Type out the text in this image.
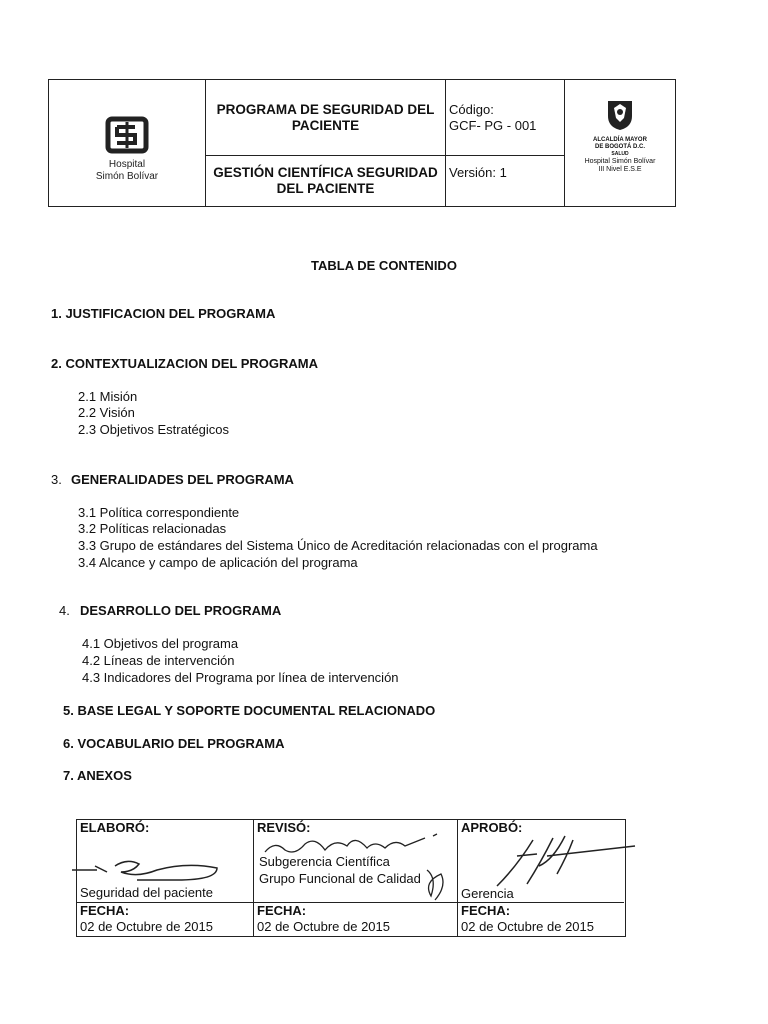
Hospital
Simón Bolívar
PROGRAMA DE SEGURIDAD DEL PACIENTE
GESTIÓN CIENTÍFICA SEGURIDAD DEL PACIENTE
Código:
GCF- PG - 001
Versión: 1
ALCALDÍA MAYOR
DE BOGOTÁ D.C.
SALUD
Hospital Simón Bolívar
III Nivel E.S.E
TABLA DE CONTENIDO
1. JUSTIFICACION DEL PROGRAMA
2. CONTEXTUALIZACION DEL PROGRAMA
2.1 Misión
2.2 Visión
2.3 Objetivos Estratégicos
3. GENERALIDADES DEL PROGRAMA
3.1 Política correspondiente
3.2 Políticas relacionadas
3.3 Grupo de estándares del Sistema Único de Acreditación relacionadas con el programa
3.4 Alcance y campo de aplicación del programa
4. DESARROLLO DEL PROGRAMA
4.1 Objetivos del programa
4.2 Líneas de intervención
4.3 Indicadores del Programa por línea de intervención
5. BASE LEGAL Y SOPORTE DOCUMENTAL RELACIONADO
6. VOCABULARIO DEL PROGRAMA
7. ANEXOS
ELABORÓ:
Seguridad del paciente
REVISÓ:
Subgerencia Científica
Grupo Funcional de Calidad
APROBÓ:
Gerencia
FECHA:
02 de Octubre de 2015
FECHA:
02 de Octubre de 2015
FECHA:
02 de Octubre de 2015
